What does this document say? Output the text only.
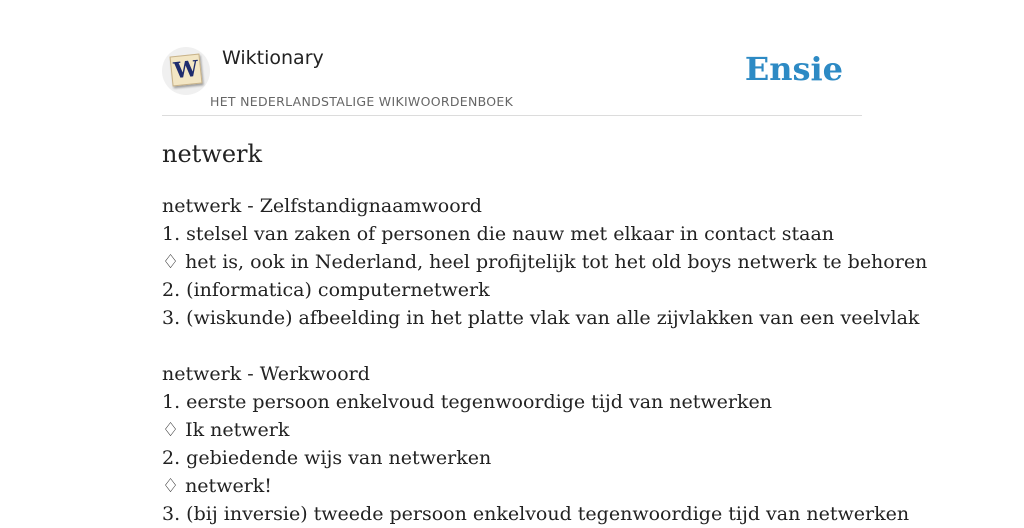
W Wiktionary
HET NEDERLANDSTALIGE WIKIWOORDENBOEK
Ensie
netwerk
netwerk - Zelfstandignaamwoord
1. stelsel van zaken of personen die nauw met elkaar in contact staan
♢ het is, ook in Nederland, heel profijtelijk tot het old boys netwerk te behoren
2. (informatica) computernetwerk
3. (wiskunde) afbeelding in het platte vlak van alle zijvlakken van een veelvlak
netwerk - Werkwoord
1. eerste persoon enkelvoud tegenwoordige tijd van netwerken
♢ Ik netwerk
2. gebiedende wijs van netwerken
♢ netwerk!
3. (bij inversie) tweede persoon enkelvoud tegenwoordige tijd van netwerken
